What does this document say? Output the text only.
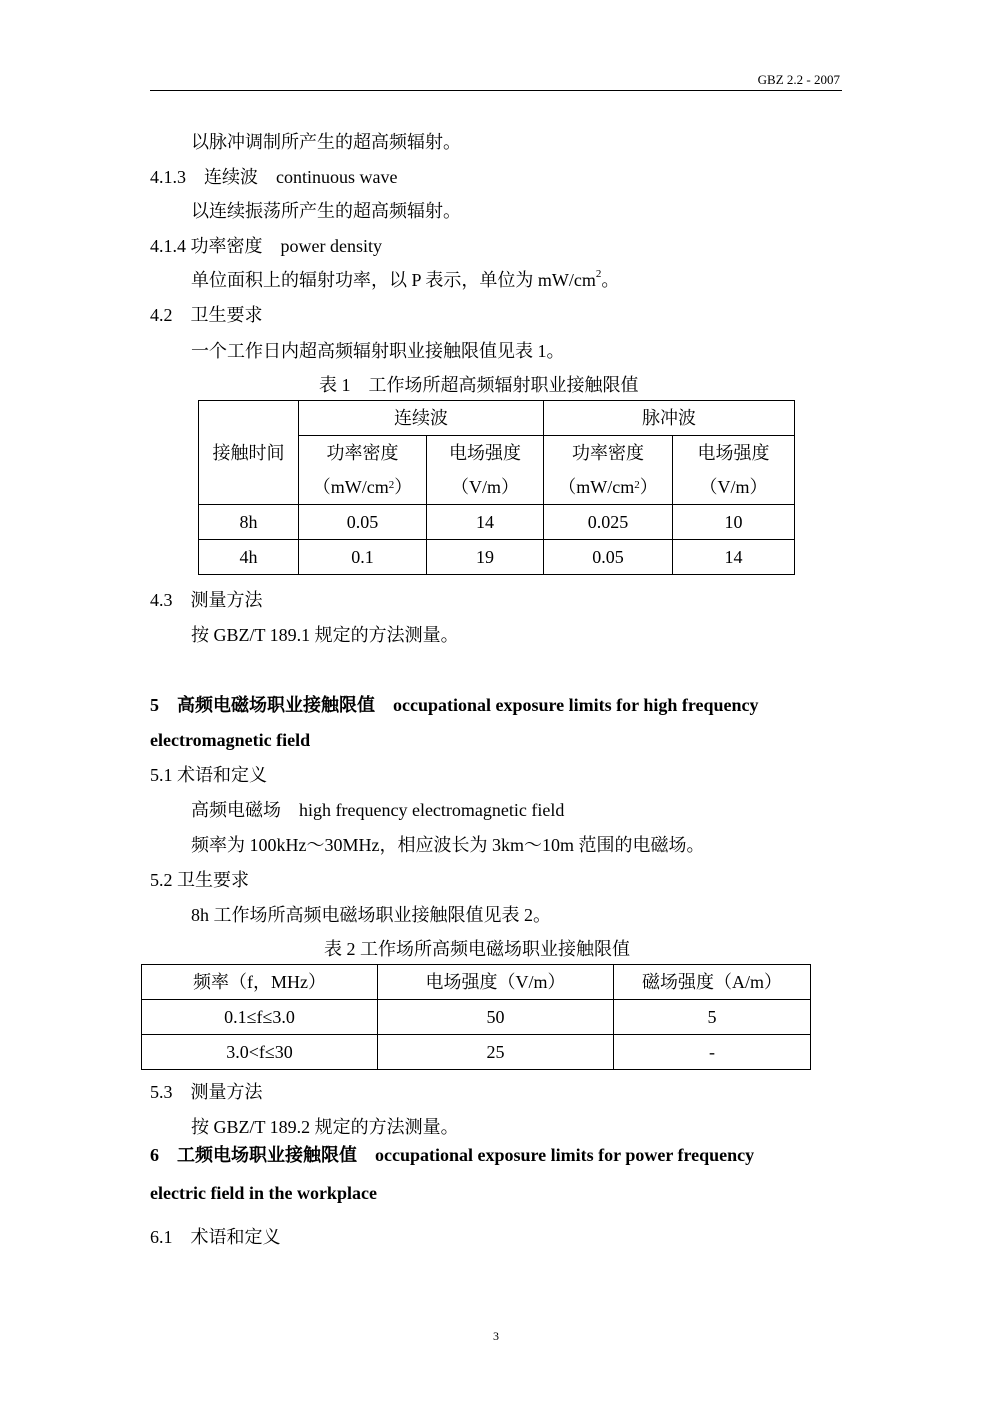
GBZ 2.2 - 2007
以脉冲调制所产生的超高频辐射。
4.1.3　连续波　continuous wave
以连续振荡所产生的超高频辐射。
4.1.4 功率密度　power density
单位面积上的辐射功率，以 P 表示，单位为 $mW/cm^2$。
4.2　卫生要求
一个工作日内超高频辐射职业接触限值见表 1。
表 1　工作场所超高频辐射职业接触限值
接触时间	连续波		脉冲波	
	功率密度	电场强度	功率密度	电场强度
	$(mW/cm^2)$	（V/m）	$(mW/cm^2)$	（V/m）
8h	0.05	14	0.025	10
4h	0.1	19	0.05	14
4.3　测量方法
按 GBZ/T 189.1 规定的方法测量。
5　高频电磁场职业接触限值　occupational exposure limits for high frequency
electromagnetic field
5.1 术语和定义
高频电磁场　high frequency electromagnetic field
频率为 100kHz～30MHz，相应波长为 3km～10m 范围的电磁场。
5.2 卫生要求
8h 工作场所高频电磁场职业接触限值见表 2。
表 2 工作场所高频电磁场职业接触限值
频率（f，MHz）	电场强度（V/m）	磁场强度（A/m）
0.1≤f≤3.0	50	5
3.0<f≤30	25	-
5.3　测量方法
按 GBZ/T 189.2 规定的方法测量。
6　工频电场职业接触限值　occupational exposure limits for power frequency
electric field in the workplace
6.1　术语和定义
3
